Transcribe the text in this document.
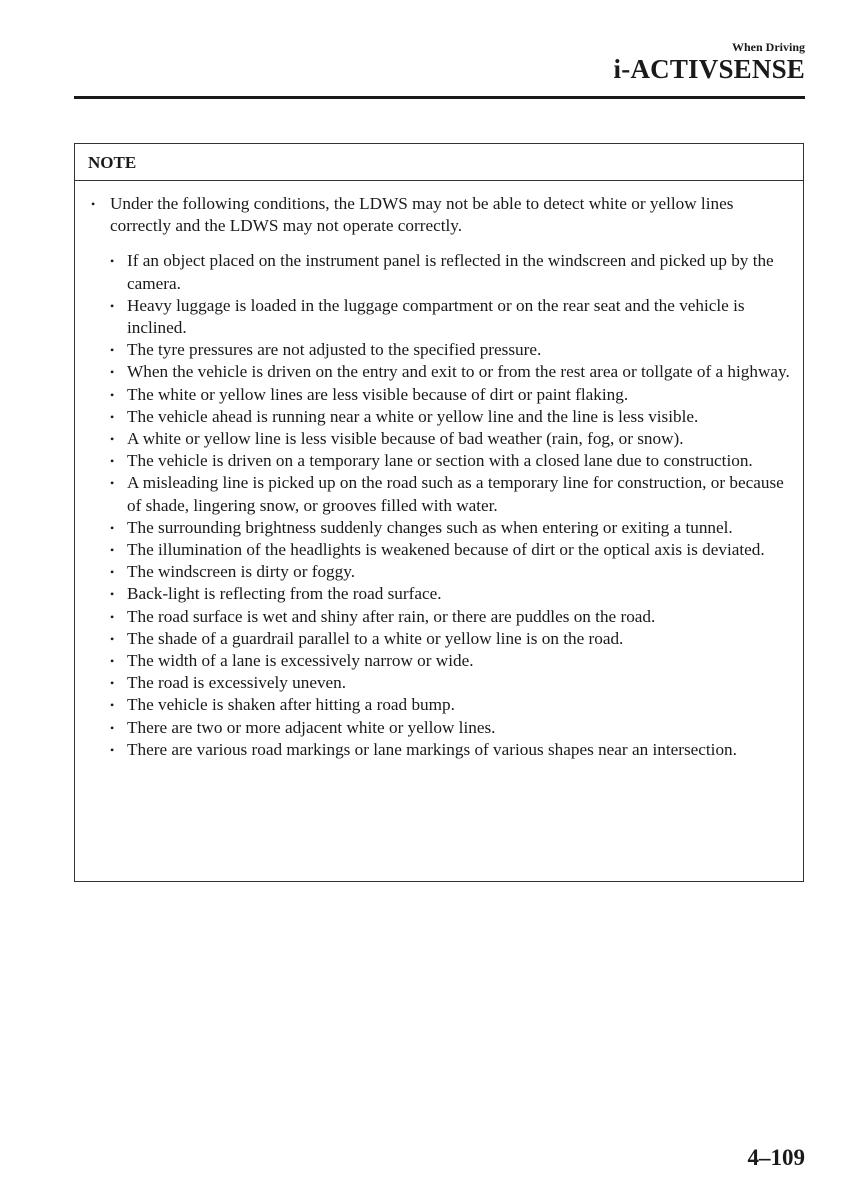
When Driving
i-ACTIVSENSE
NOTE
• Under the following conditions, the LDWS may not be able to detect white or yellow lines correctly and the LDWS may not operate correctly.
• If an object placed on the instrument panel is reflected in the windscreen and picked up by the camera.
• Heavy luggage is loaded in the luggage compartment or on the rear seat and the vehicle is inclined.
• The tyre pressures are not adjusted to the specified pressure.
• When the vehicle is driven on the entry and exit to or from the rest area or tollgate of a highway.
• The white or yellow lines are less visible because of dirt or paint flaking.
• The vehicle ahead is running near a white or yellow line and the line is less visible.
• A white or yellow line is less visible because of bad weather (rain, fog, or snow).
• The vehicle is driven on a temporary lane or section with a closed lane due to construction.
• A misleading line is picked up on the road such as a temporary line for construction, or because of shade, lingering snow, or grooves filled with water.
• The surrounding brightness suddenly changes such as when entering or exiting a tunnel.
• The illumination of the headlights is weakened because of dirt or the optical axis is deviated.
• The windscreen is dirty or foggy.
• Back-light is reflecting from the road surface.
• The road surface is wet and shiny after rain, or there are puddles on the road.
• The shade of a guardrail parallel to a white or yellow line is on the road.
• The width of a lane is excessively narrow or wide.
• The road is excessively uneven.
• The vehicle is shaken after hitting a road bump.
• There are two or more adjacent white or yellow lines.
• There are various road markings or lane markings of various shapes near an intersection.
4–109
